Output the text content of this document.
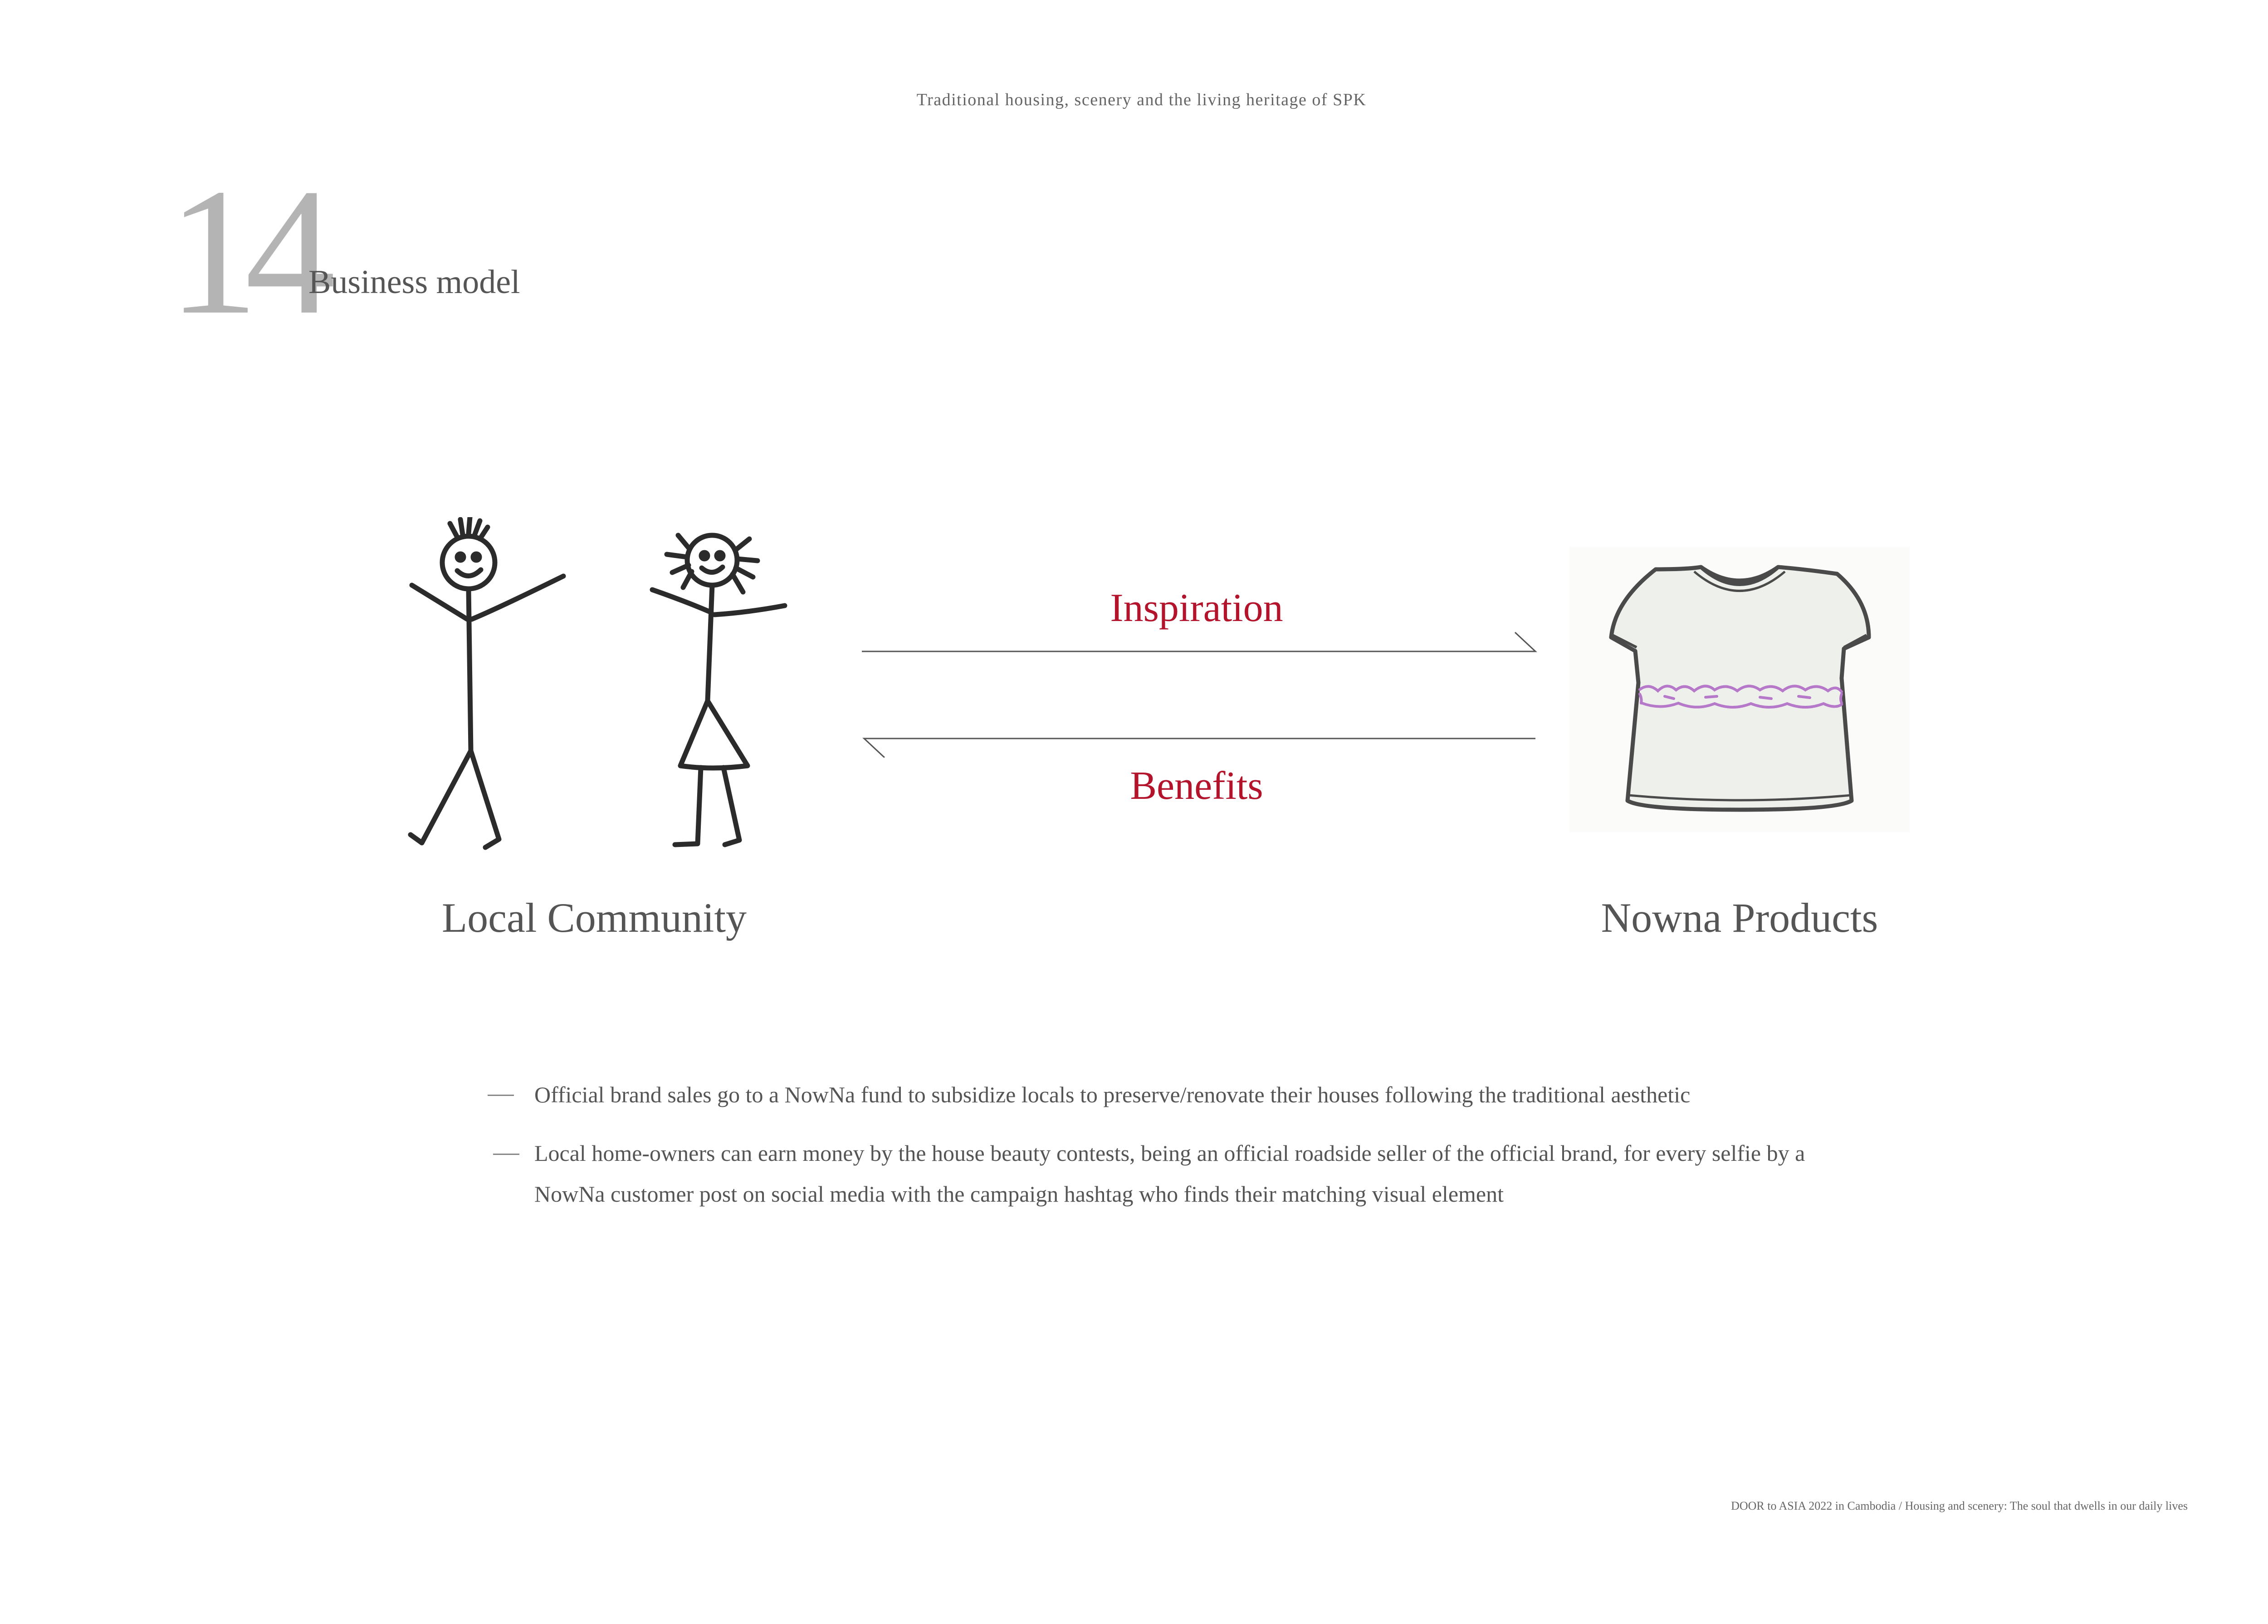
Traditional housing, scenery and the living heritage of SPK
14
Business model
Inspiration
Benefits
Local Community	Nowna Products
Official brand sales go to a NowNa fund to subsidize locals to preserve/renovate their houses following the traditional aesthetic
Local home-owners can earn money by the house beauty contests, being an official roadside seller of the official brand, for every selfie by a NowNa customer post on social media with the campaign hashtag who finds their matching visual element
DOOR to ASIA 2022 in Cambodia / Housing and scenery: The soul that dwells in our daily lives
